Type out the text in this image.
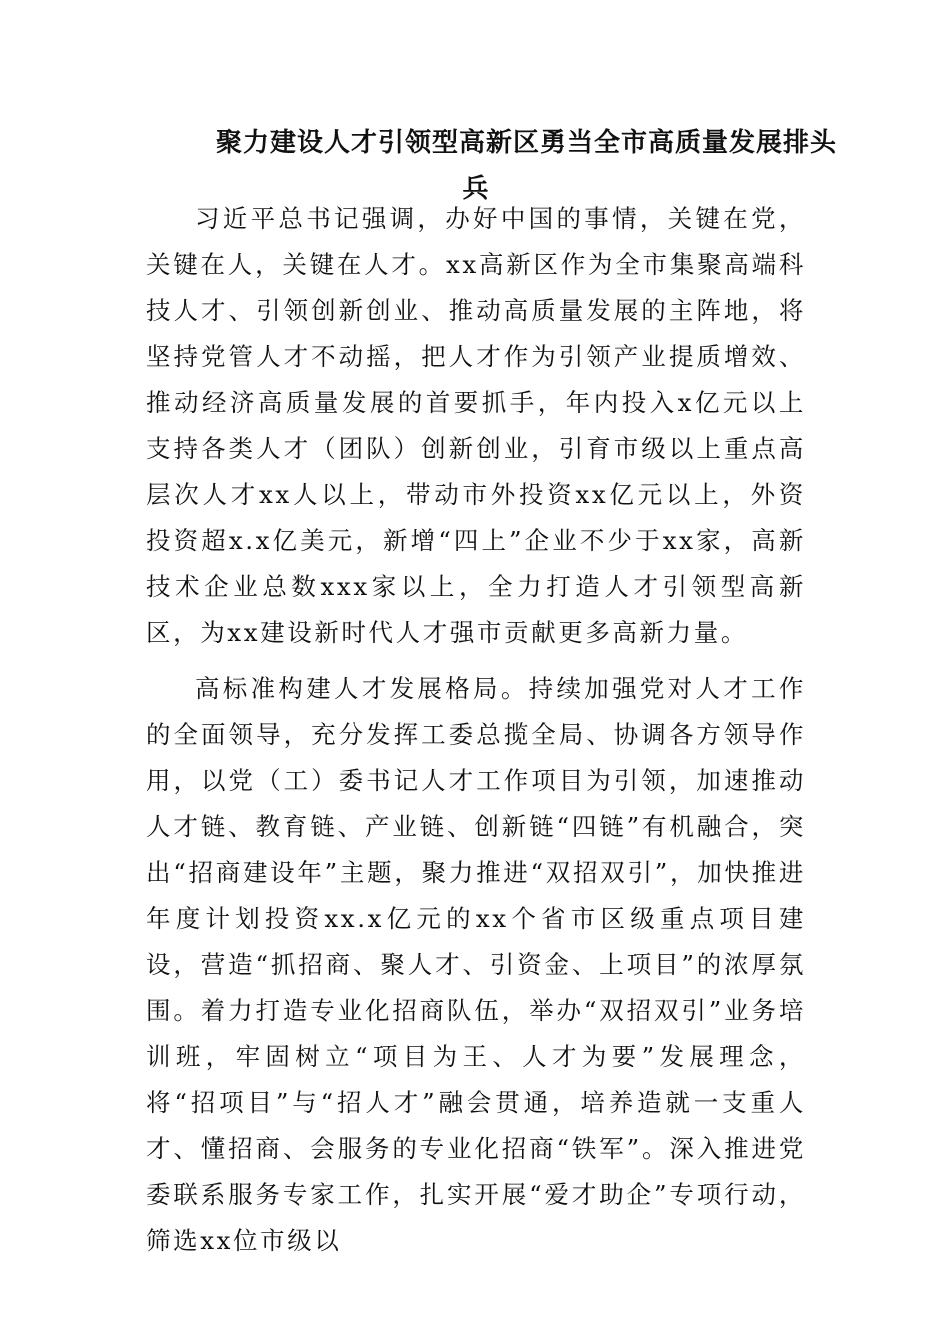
聚力建设人才引领型高新区勇当全市高质量发展排头
兵

习近平总书记强调，办好中国的事情，关键在党，关键在人，关键在人才。xx高新区作为全市集聚高端科技人才、引领创新创业、推动高质量发展的主阵地，将坚持党管人才不动摇，把人才作为引领产业提质增效、推动经济高质量发展的首要抓手，年内投入x亿元以上支持各类人才（团队）创新创业，引育市级以上重点高层次人才xx人以上，带动市外投资xx亿元以上，外资投资超x.x亿美元，新增“四上”企业不少于xx家，高新技术企业总数xxx家以上，全力打造人才引领型高新区，为xx建设新时代人才强市贡献更多高新力量。

高标准构建人才发展格局。持续加强党对人才工作的全面领导，充分发挥工委总揽全局、协调各方领导作用，以党（工）委书记人才工作项目为引领，加速推动人才链、教育链、产业链、创新链“四链”有机融合，突出“招商建设年”主题，聚力推进“双招双引”，加快推进年度计划投资xx.x亿元的xx个省市区级重点项目建设，营造“抓招商、聚人才、引资金、上项目”的浓厚氛围。着力打造专业化招商队伍，举办“双招双引”业务培训班，牢固树立“项目为王、人才为要”发展理念，将“招项目”与“招人才”融会贯通，培养造就一支重人才、懂招商、会服务的专业化招商“铁军”。深入推进党委联系服务专家工作，扎实开展“爱才助企”专项行动，筛选xx位市级以
